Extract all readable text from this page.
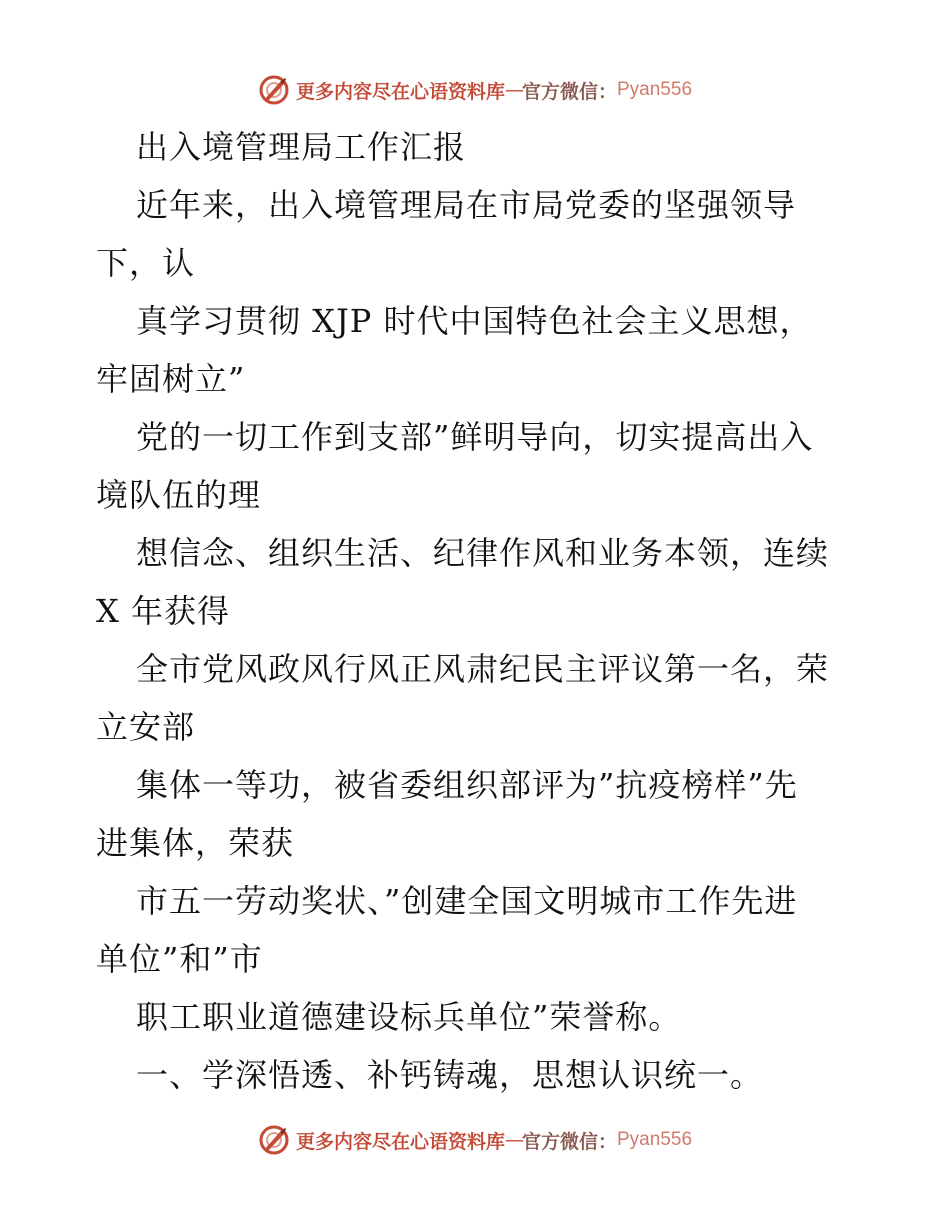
更多内容尽在心语资料库 — 官方微信： Pyan556
出入境管理局工作汇报
近年来，出入境管理局在市局党委的坚强领导
下，认
真学习贯彻 XJP 时代中国特色社会主义思想，
牢固树立”
党的一切工作到支部”鲜明导向，切实提高出入
境队伍的理
想信念、组织生活、纪律作风和业务本领，连续
X 年获得
全市党风政风行风正风肃纪民主评议第一名，荣
立安部
集体一等功，被省委组织部评为”抗疫榜样”先
进集体，荣获
市五一劳动奖状、”创建全国文明城市工作先进
单位”和”市
职工职业道德建设标兵单位”荣誉称。
一、学深悟透、补钙铸魂，思想认识统一。
更多内容尽在心语资料库 — 官方微信： Pyan556
